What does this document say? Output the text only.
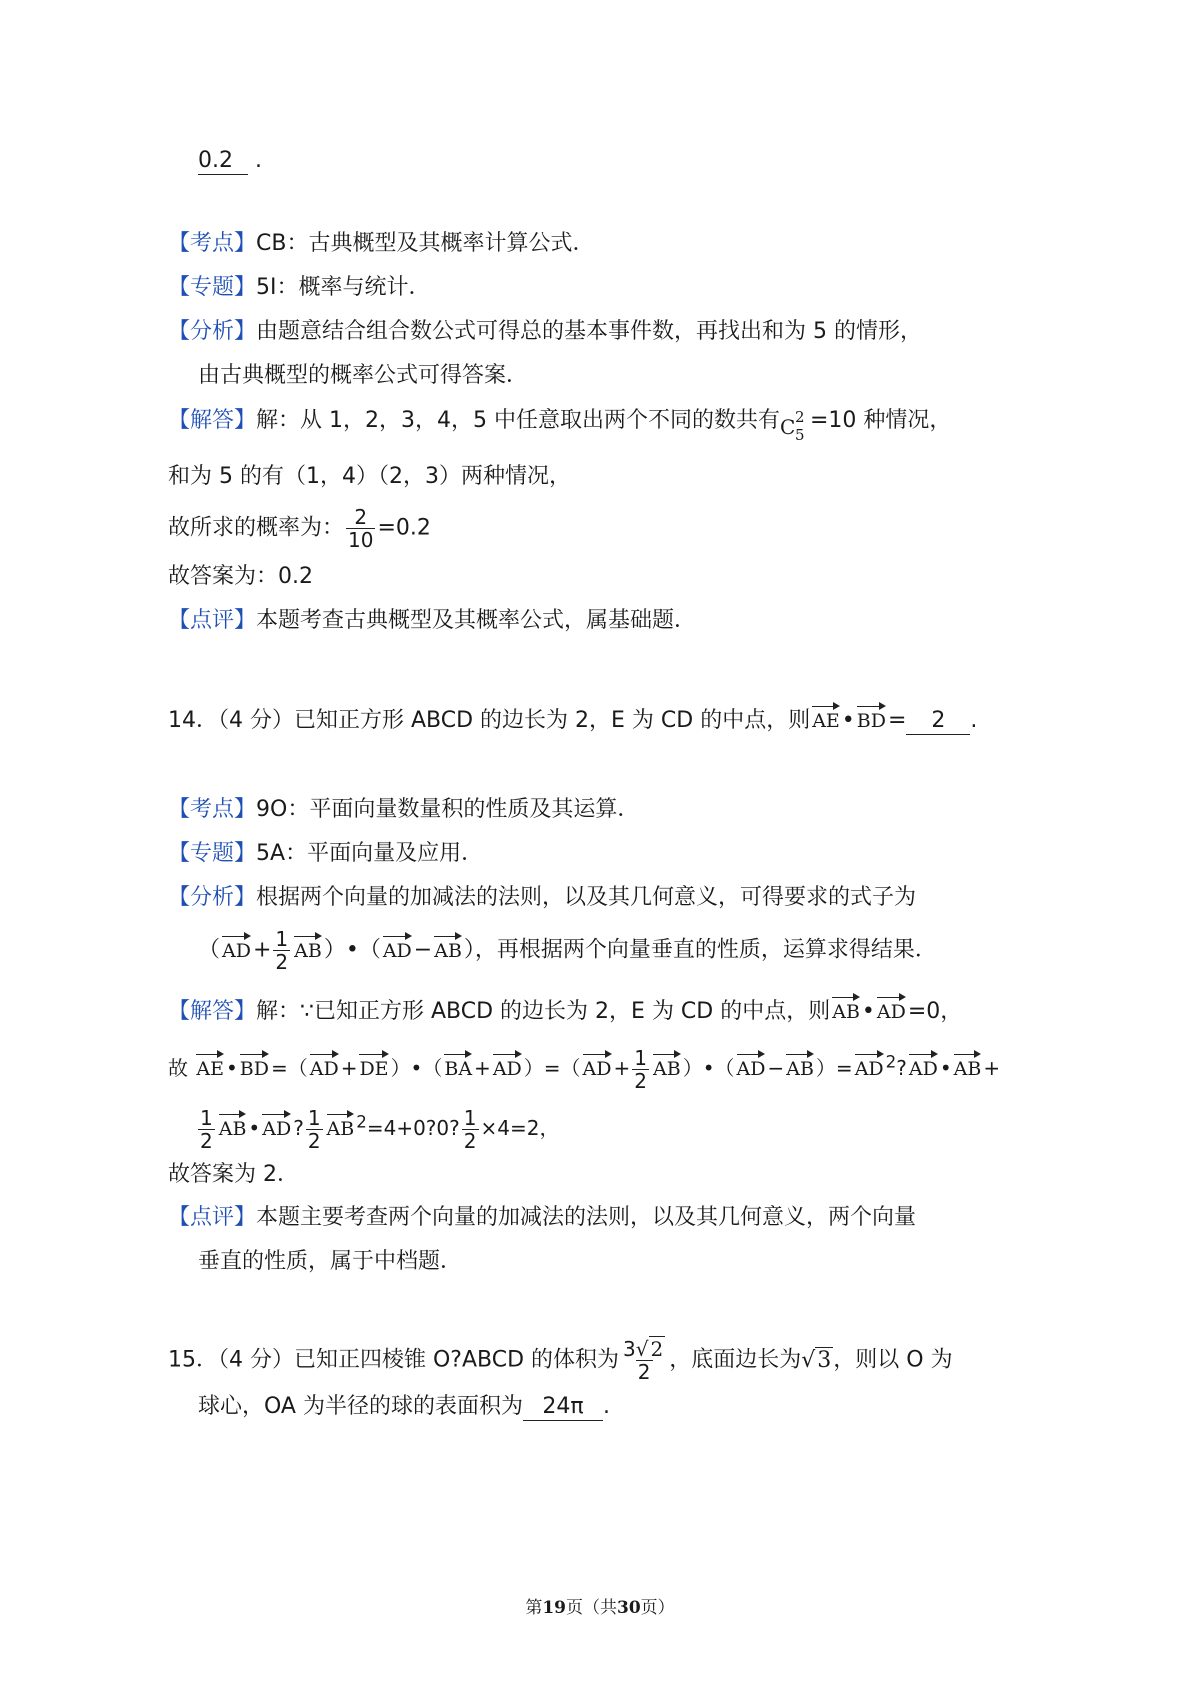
0.2 .
【考点】CB：古典概型及其概率计算公式．
【专题】5I：概率与统计．
【分析】由题意结合组合数公式可得总的基本事件数，再找出和为 5 的情形，
由古典概型的概率公式可得答案．
【解答】解：从 1，2，3，4，5 中任意取出两个不同的数共有 C 2
5
=10 种情况，
和为 5 的有（1，4）（2，3）两种情况，
故所求的概率为： $\frac{2}{10} =0.2$
故答案为：0.2
【点评】本题考查古典概型及其概率公式，属基础题．
14．（4 分）已知正方形 ABCD 的边长为 2，E 为 CD 的中点，则 AE• BD= 2 .
【考点】9O：平面向量数量积的性质及其运算．
【专题】5A：平面向量及应用．
【分析】根据两个向量的加减法的法则，以及其几何意义，可得要求的式子为
（ $AD+ \frac{1}{2}$ AB）•（ AD− AB），再根据两个向量垂直的性质，运算求得结果．
【解答】解：∵已知正方形 ABCD 的边长为 2，E 为 CD 的中点，则 AB• AD=0，
故 AE • BD =（ AD + DE ）•（ BA + AD ）=（ AD + $\frac{1}{2}$ AB ）•（ AD − AB ）= AD $^2$? AD • AB +
$\frac{1}{2}$ AB • AD ? $\frac{1}{2}$ AB $^2$=4+0?0? $\frac{1}{2} \times 4=2$，
故答案为 2．
【点评】本题主要考查两个向量的加减法的法则，以及其几何意义，两个向量
垂直的性质，属于中档题．
15．（4 分）已知正四棱锥 O?ABCD 的体积为 $\frac{3√ 2}{2}$ ，底面边长为√3，则以 O 为
球心，OA 为半径的球的表面积为 24π .
第19页（共30页）
